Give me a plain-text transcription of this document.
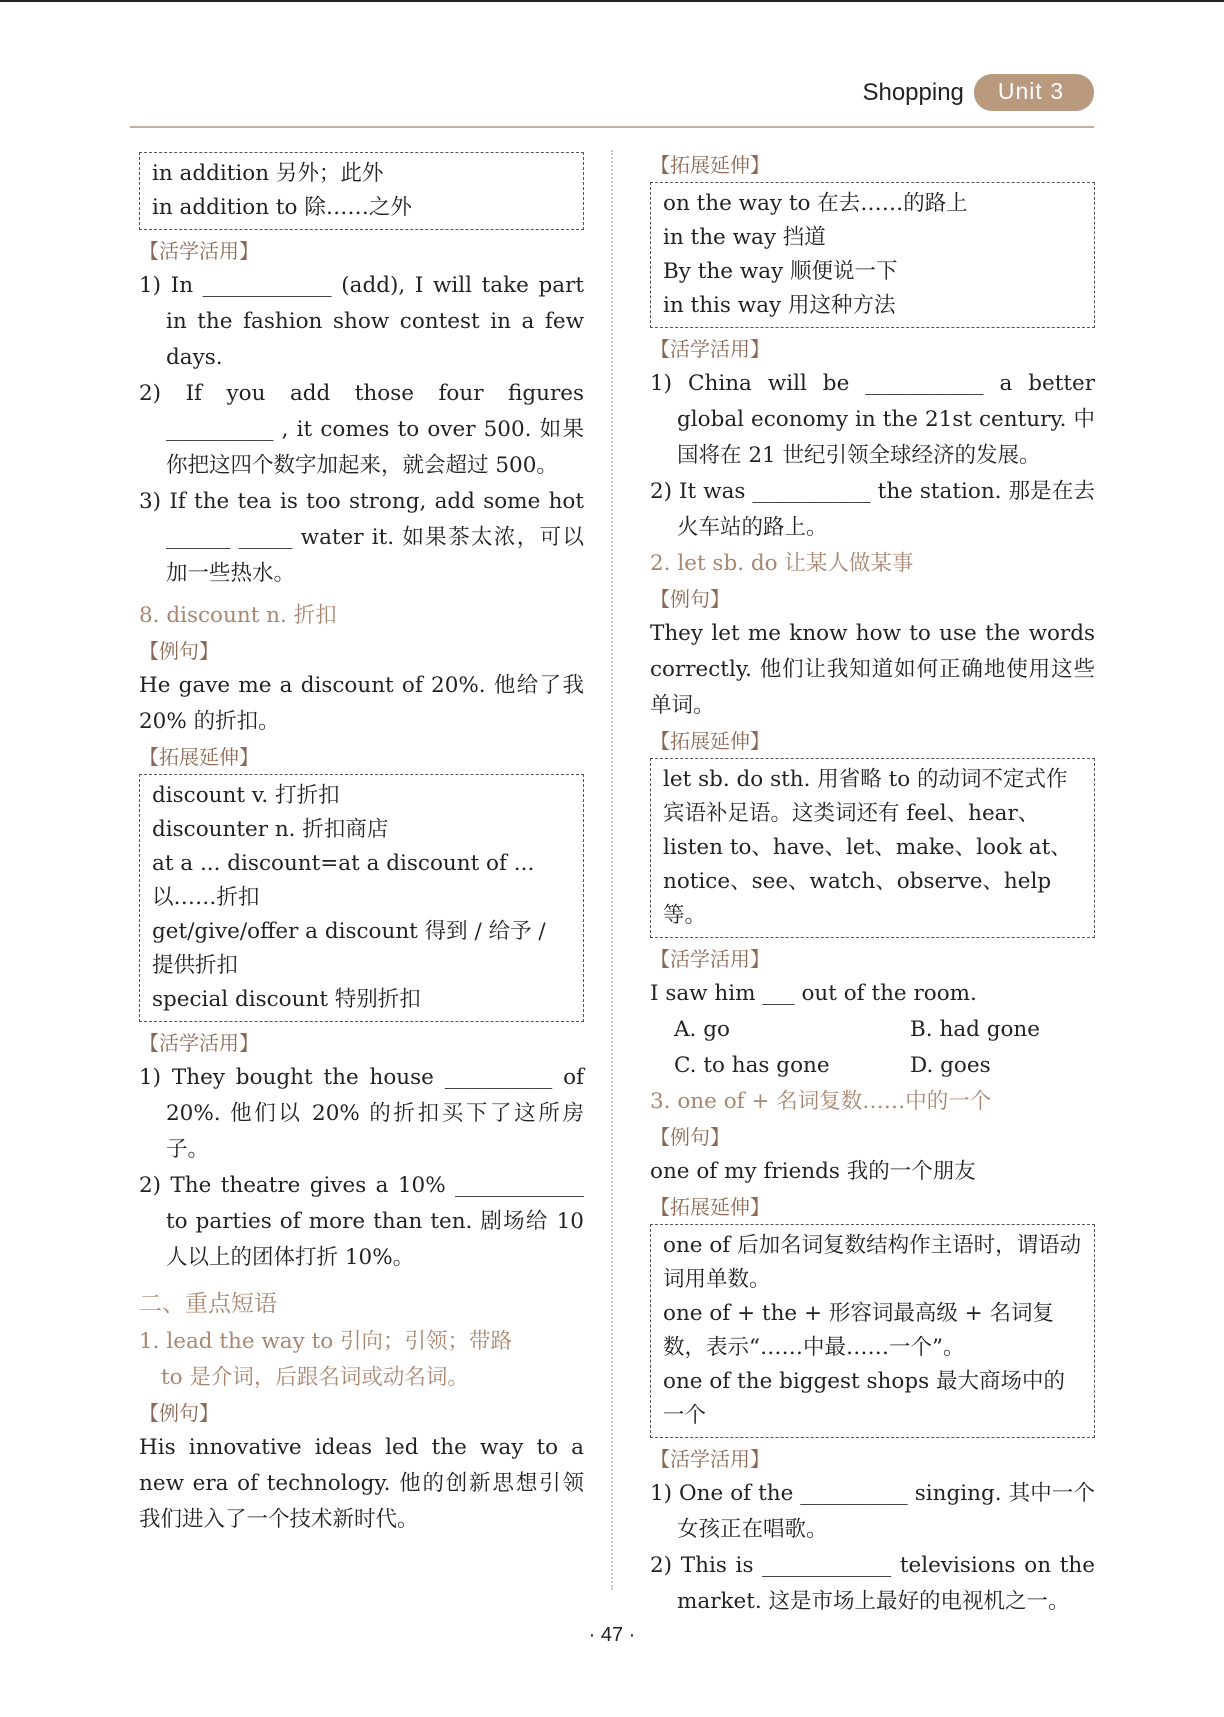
Shopping	Unit 3
in addition 另外；此外
in addition to 除……之外
【活学活用】
1) In ____________ (add), I will take part in the fashion show contest in a few days.
2) If you add those four figures __________ , it comes to over 500. 如果你把这四个数字加起来，就会超过 500。
3) If the tea is too strong, add some hot ______ _____ water it. 如果茶太浓，可以加一些热水。
8. discount n. 折扣
【例句】
He gave me a discount of 20%. 他给了我 20% 的折扣。
【拓展延伸】
discount v. 打折扣
discounter n. 折扣商店
at a ... discount=at a discount of ... 以……折扣
get/give/offer a discount 得到 / 给予 / 提供折扣
special discount 特别折扣
【活学活用】
1) They bought the house __________ of 20%. 他们以 20% 的折扣买下了这所房子。
2) The theatre gives a 10% ____________ to parties of more than ten. 剧场给 10 人以上的团体打折 10%。
二、重点短语
1. lead the way to 引向；引领；带路
to 是介词，后跟名词或动名词。
【例句】
His innovative ideas led the way to a new era of technology. 他的创新思想引领我们进入了一个技术新时代。
【拓展延伸】
on the way to 在去……的路上
in the way 挡道
By the way 顺便说一下
in this way 用这种方法
【活学活用】
1) China will be ___________ a better global economy in the 21st century. 中国将在 21 世纪引领全球经济的发展。
2) It was ___________ the station. 那是在去火车站的路上。
2. let sb. do 让某人做某事
【例句】
They let me know how to use the words correctly. 他们让我知道如何正确地使用这些单词。
【拓展延伸】
let sb. do sth. 用省略 to 的动词不定式作宾语补足语。这类词还有 feel、hear、listen to、have、let、make、look at、notice、see、watch、observe、help 等。
【活学活用】
I saw him ___ out of the room.
A. go	B. had gone
C. to has gone	D. goes
3. one of + 名词复数……中的一个
【例句】
one of my friends 我的一个朋友
【拓展延伸】
one of 后加名词复数结构作主语时，谓语动词用单数。
one of + the + 形容词最高级 + 名词复数，表示“……中最……一个”。
one of the biggest shops 最大商场中的一个
【活学活用】
1) One of the __________ singing. 其中一个女孩正在唱歌。
2) This is ____________ televisions on the market. 这是市场上最好的电视机之一。
· 47 ·
